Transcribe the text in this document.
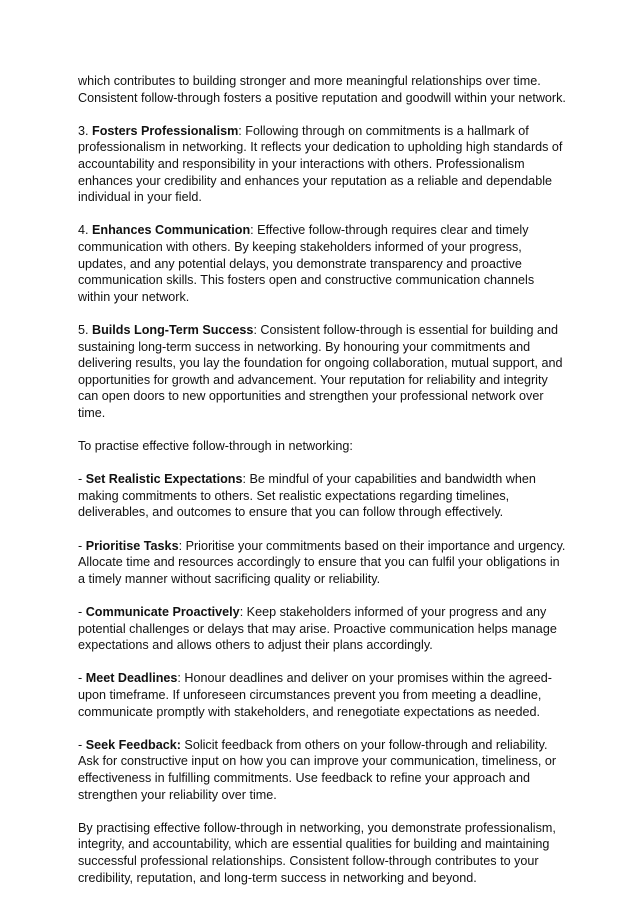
which contributes to building stronger and more meaningful relationships over time. Consistent follow-through fosters a positive reputation and goodwill within your network.

3. Fosters Professionalism: Following through on commitments is a hallmark of professionalism in networking. It reflects your dedication to upholding high standards of accountability and responsibility in your interactions with others. Professionalism enhances your credibility and enhances your reputation as a reliable and dependable individual in your field.

4. Enhances Communication: Effective follow-through requires clear and timely communication with others. By keeping stakeholders informed of your progress, updates, and any potential delays, you demonstrate transparency and proactive communication skills. This fosters open and constructive communication channels within your network.

5. Builds Long-Term Success: Consistent follow-through is essential for building and sustaining long-term success in networking. By honouring your commitments and delivering results, you lay the foundation for ongoing collaboration, mutual support, and opportunities for growth and advancement. Your reputation for reliability and integrity can open doors to new opportunities and strengthen your professional network over time.

To practise effective follow-through in networking:

- Set Realistic Expectations: Be mindful of your capabilities and bandwidth when making commitments to others. Set realistic expectations regarding timelines, deliverables, and outcomes to ensure that you can follow through effectively.

- Prioritise Tasks: Prioritise your commitments based on their importance and urgency. Allocate time and resources accordingly to ensure that you can fulfil your obligations in a timely manner without sacrificing quality or reliability.

- Communicate Proactively: Keep stakeholders informed of your progress and any potential challenges or delays that may arise. Proactive communication helps manage expectations and allows others to adjust their plans accordingly.

- Meet Deadlines: Honour deadlines and deliver on your promises within the agreed-upon timeframe. If unforeseen circumstances prevent you from meeting a deadline, communicate promptly with stakeholders, and renegotiate expectations as needed.

- Seek Feedback: Solicit feedback from others on your follow-through and reliability. Ask for constructive input on how you can improve your communication, timeliness, or effectiveness in fulfilling commitments. Use feedback to refine your approach and strengthen your reliability over time.

By practising effective follow-through in networking, you demonstrate professionalism, integrity, and accountability, which are essential qualities for building and maintaining successful professional relationships. Consistent follow-through contributes to your credibility, reputation, and long-term success in networking and beyond.
